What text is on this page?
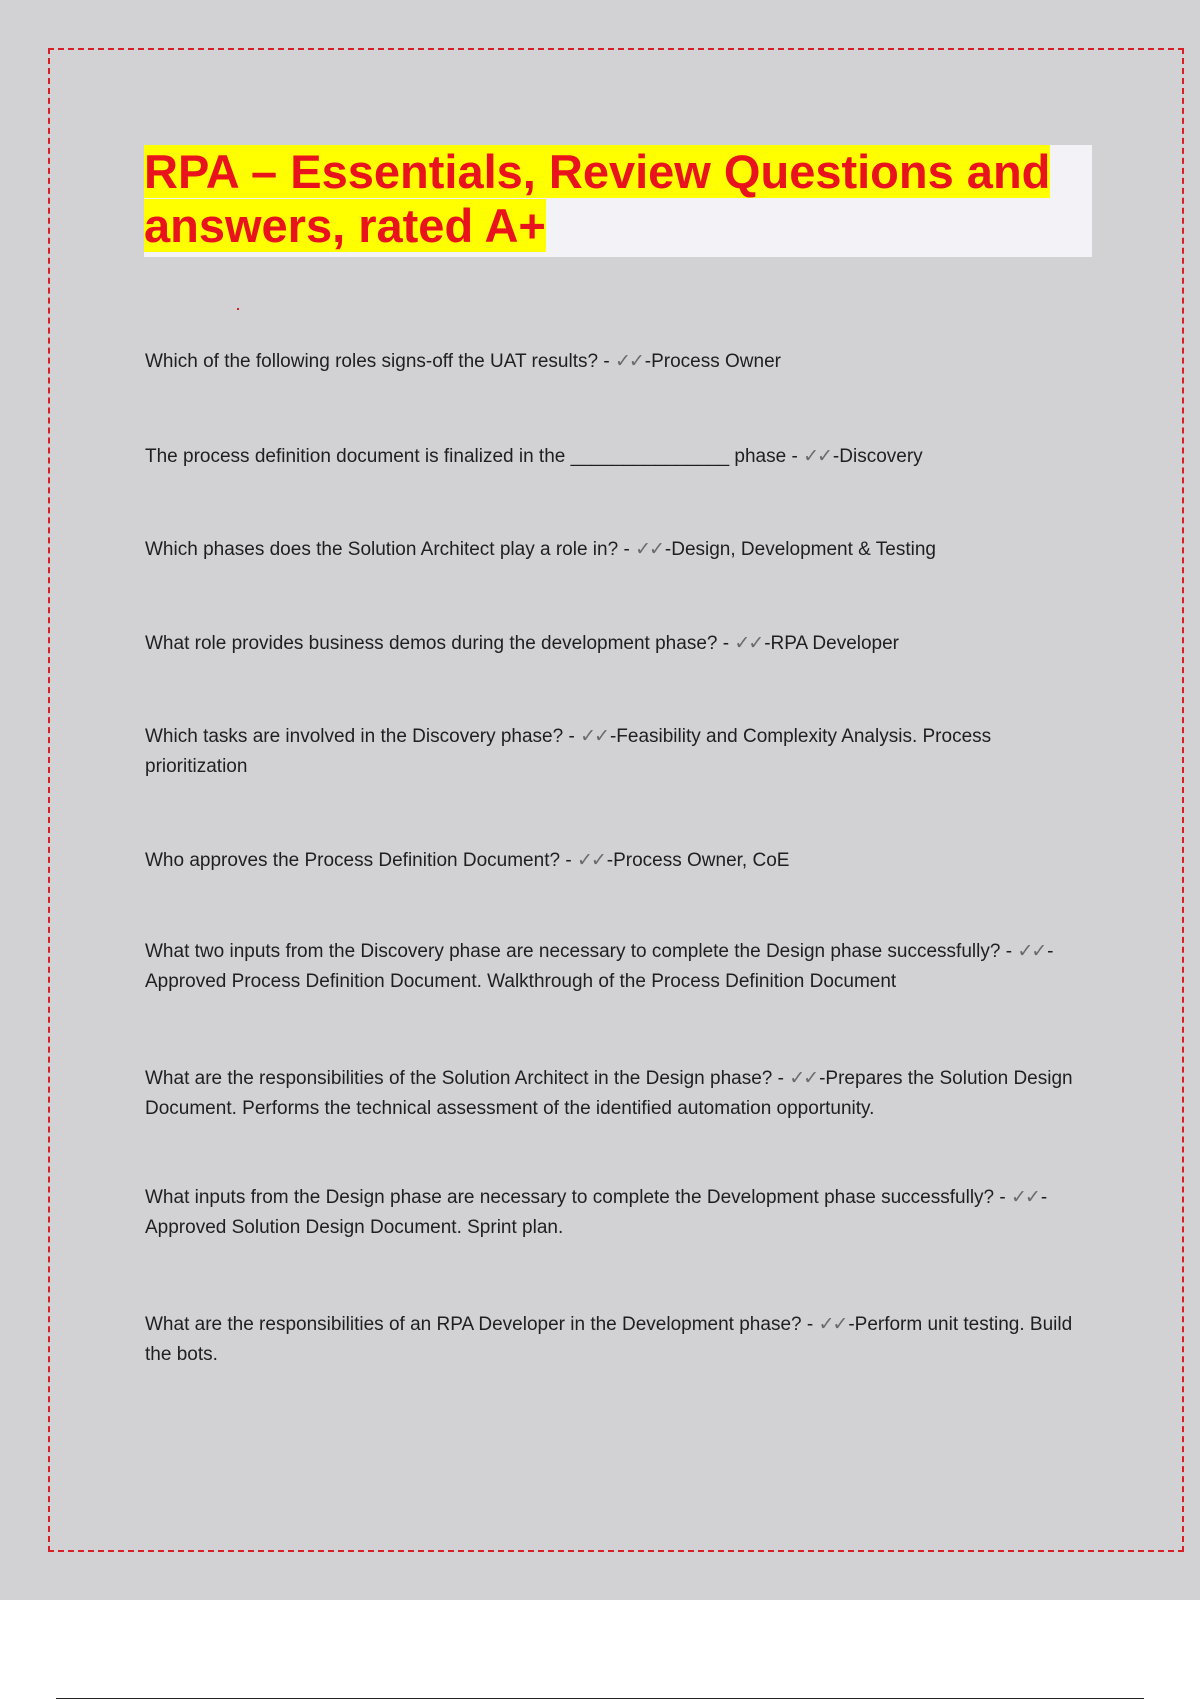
RPA – Essentials, Review Questions and answers, rated A+

Which of the following roles signs-off the UAT results? - ✓✓ -Process Owner

The process definition document is finalized in the _______________ phase - ✓✓ -Discovery

Which phases does the Solution Architect play a role in? - ✓✓ -Design, Development & Testing

What role provides business demos during the development phase? - ✓✓ -RPA Developer

Which tasks are involved in the Discovery phase? - ✓✓ -Feasibility and Complexity Analysis. Process prioritization

Who approves the Process Definition Document? - ✓✓ -Process Owner, CoE

What two inputs from the Discovery phase are necessary to complete the Design phase successfully? - ✓✓ -Approved Process Definition Document. Walkthrough of the Process Definition Document

What are the responsibilities of the Solution Architect in the Design phase? - ✓✓ -Prepares the Solution Design Document. Performs the technical assessment of the identified automation opportunity.

What inputs from the Design phase are necessary to complete the Development phase successfully? - ✓✓ -Approved Solution Design Document. Sprint plan.

What are the responsibilities of an RPA Developer in the Development phase? - ✓✓ -Perform unit testing. Build the bots.
